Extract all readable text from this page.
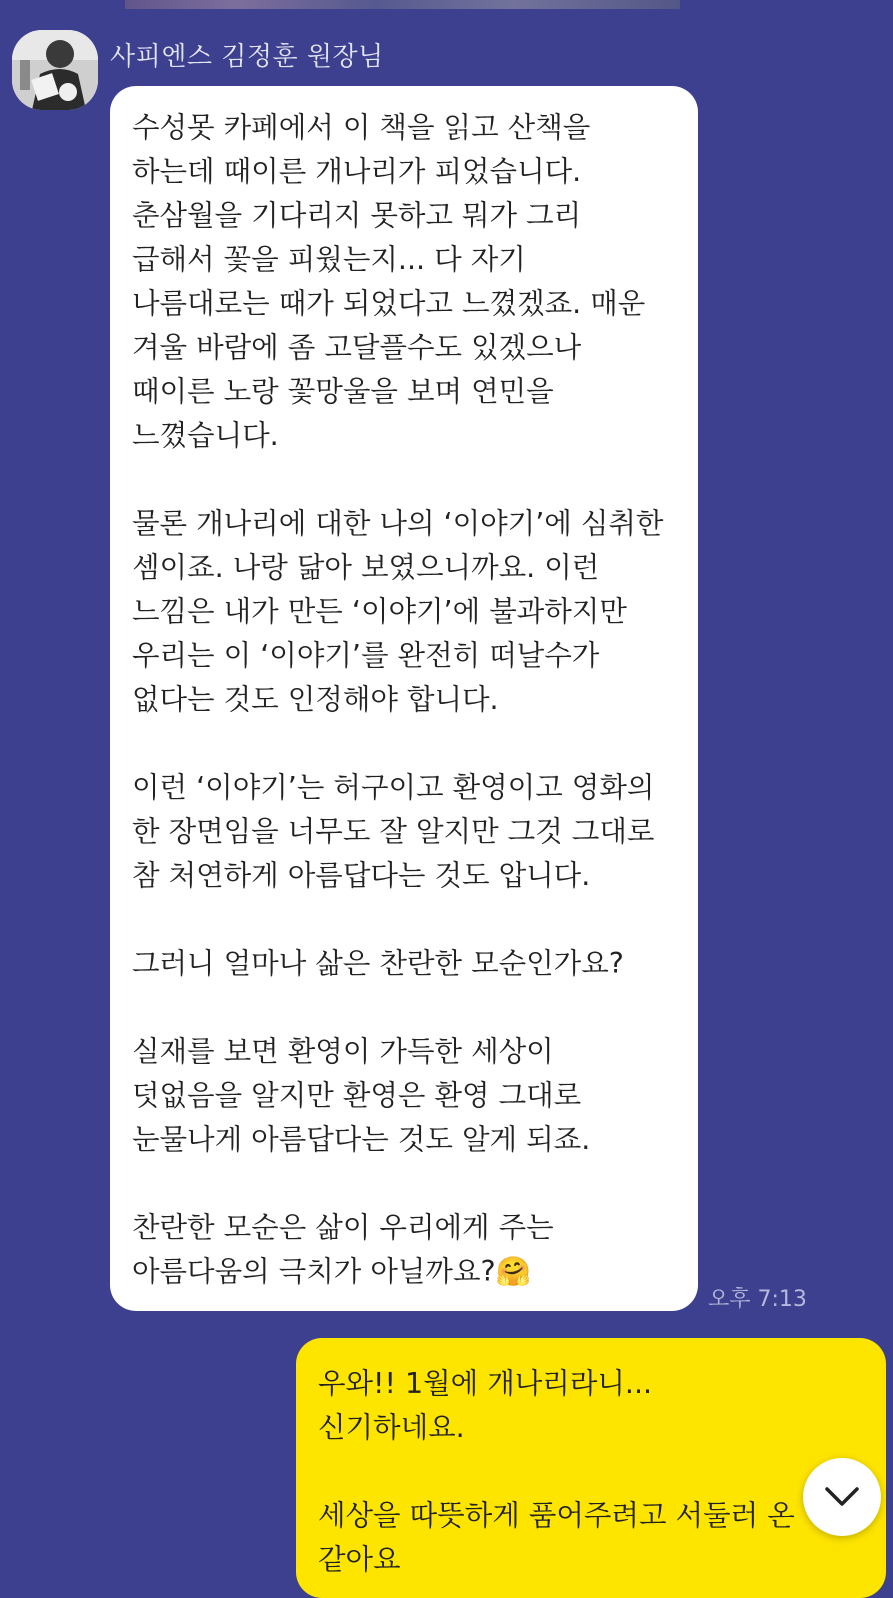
사피엔스 김정훈 원장님
수성못 카페에서 이 책을 읽고 산책을
하는데 때이른 개나리가 피었습니다.
춘삼월을 기다리지 못하고 뭐가 그리
급해서 꽃을 피웠는지... 다 자기
나름대로는 때가 되었다고 느꼈겠죠. 매운
겨울 바람에 좀 고달플수도 있겠으나
때이른 노랑 꽃망울을 보며 연민을
느꼈습니다.
물론 개나리에 대한 나의 ‘이야기’에 심취한
셈이죠. 나랑 닮아 보였으니까요. 이런
느낌은 내가 만든 ‘이야기’에 불과하지만
우리는 이 ‘이야기’를 완전히 떠날수가
없다는 것도 인정해야 합니다.
이런 ‘이야기’는 허구이고 환영이고 영화의
한 장면임을 너무도 잘 알지만 그것 그대로
참 처연하게 아름답다는 것도 압니다.
그러니 얼마나 삶은 찬란한 모순인가요?
실재를 보면 환영이 가득한 세상이
덧없음을 알지만 환영은 환영 그대로
눈물나게 아름답다는 것도 알게 되죠.
찬란한 모순은 삶이 우리에게 주는
아름다움의 극치가 아닐까요?🤗
오후 7:13
우와!! 1월에 개나리라니...
신기하네요.
세상을 따뜻하게 품어주려고 서둘러 온
같아요
